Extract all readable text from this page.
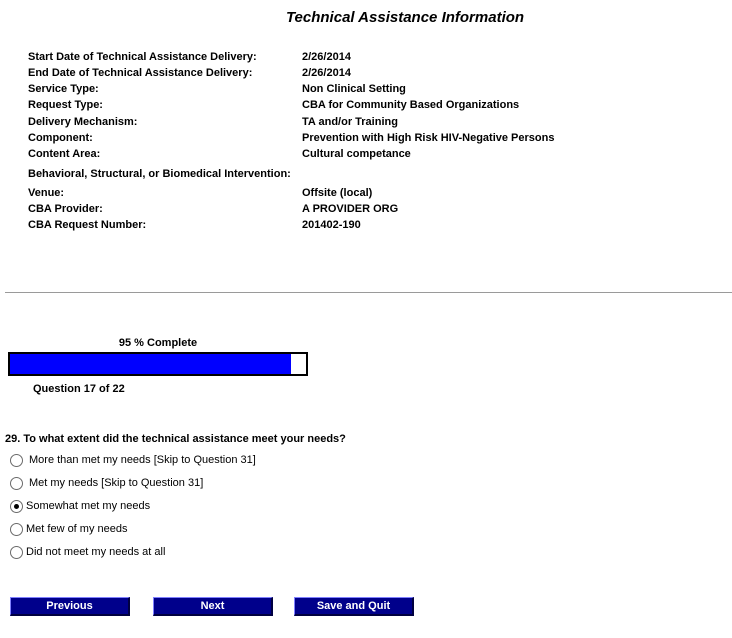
Technical Assistance Information
Start Date of Technical Assistance Delivery:	2/26/2014
End Date of Technical Assistance Delivery:	2/26/2014
Service Type:	Non Clinical Setting
Request Type:	CBA for Community Based Organizations
Delivery Mechanism:	TA and/or Training
Component:	Prevention with High Risk HIV-Negative Persons
Content Area:	Cultural competance
Behavioral, Structural, or Biomedical Intervention:
Venue:	Offsite (local)
CBA Provider:	A PROVIDER ORG
CBA Request Number:	201402-190
95 % Complete
Question 17 of 22
29. To what extent did the technical assistance meet your needs?
More than met my needs [Skip to Question 31]
Met my needs [Skip to Question 31]
Somewhat met my needs
Met few of my needs
Did not meet my needs at all
Previous	Next	Save and Quit
